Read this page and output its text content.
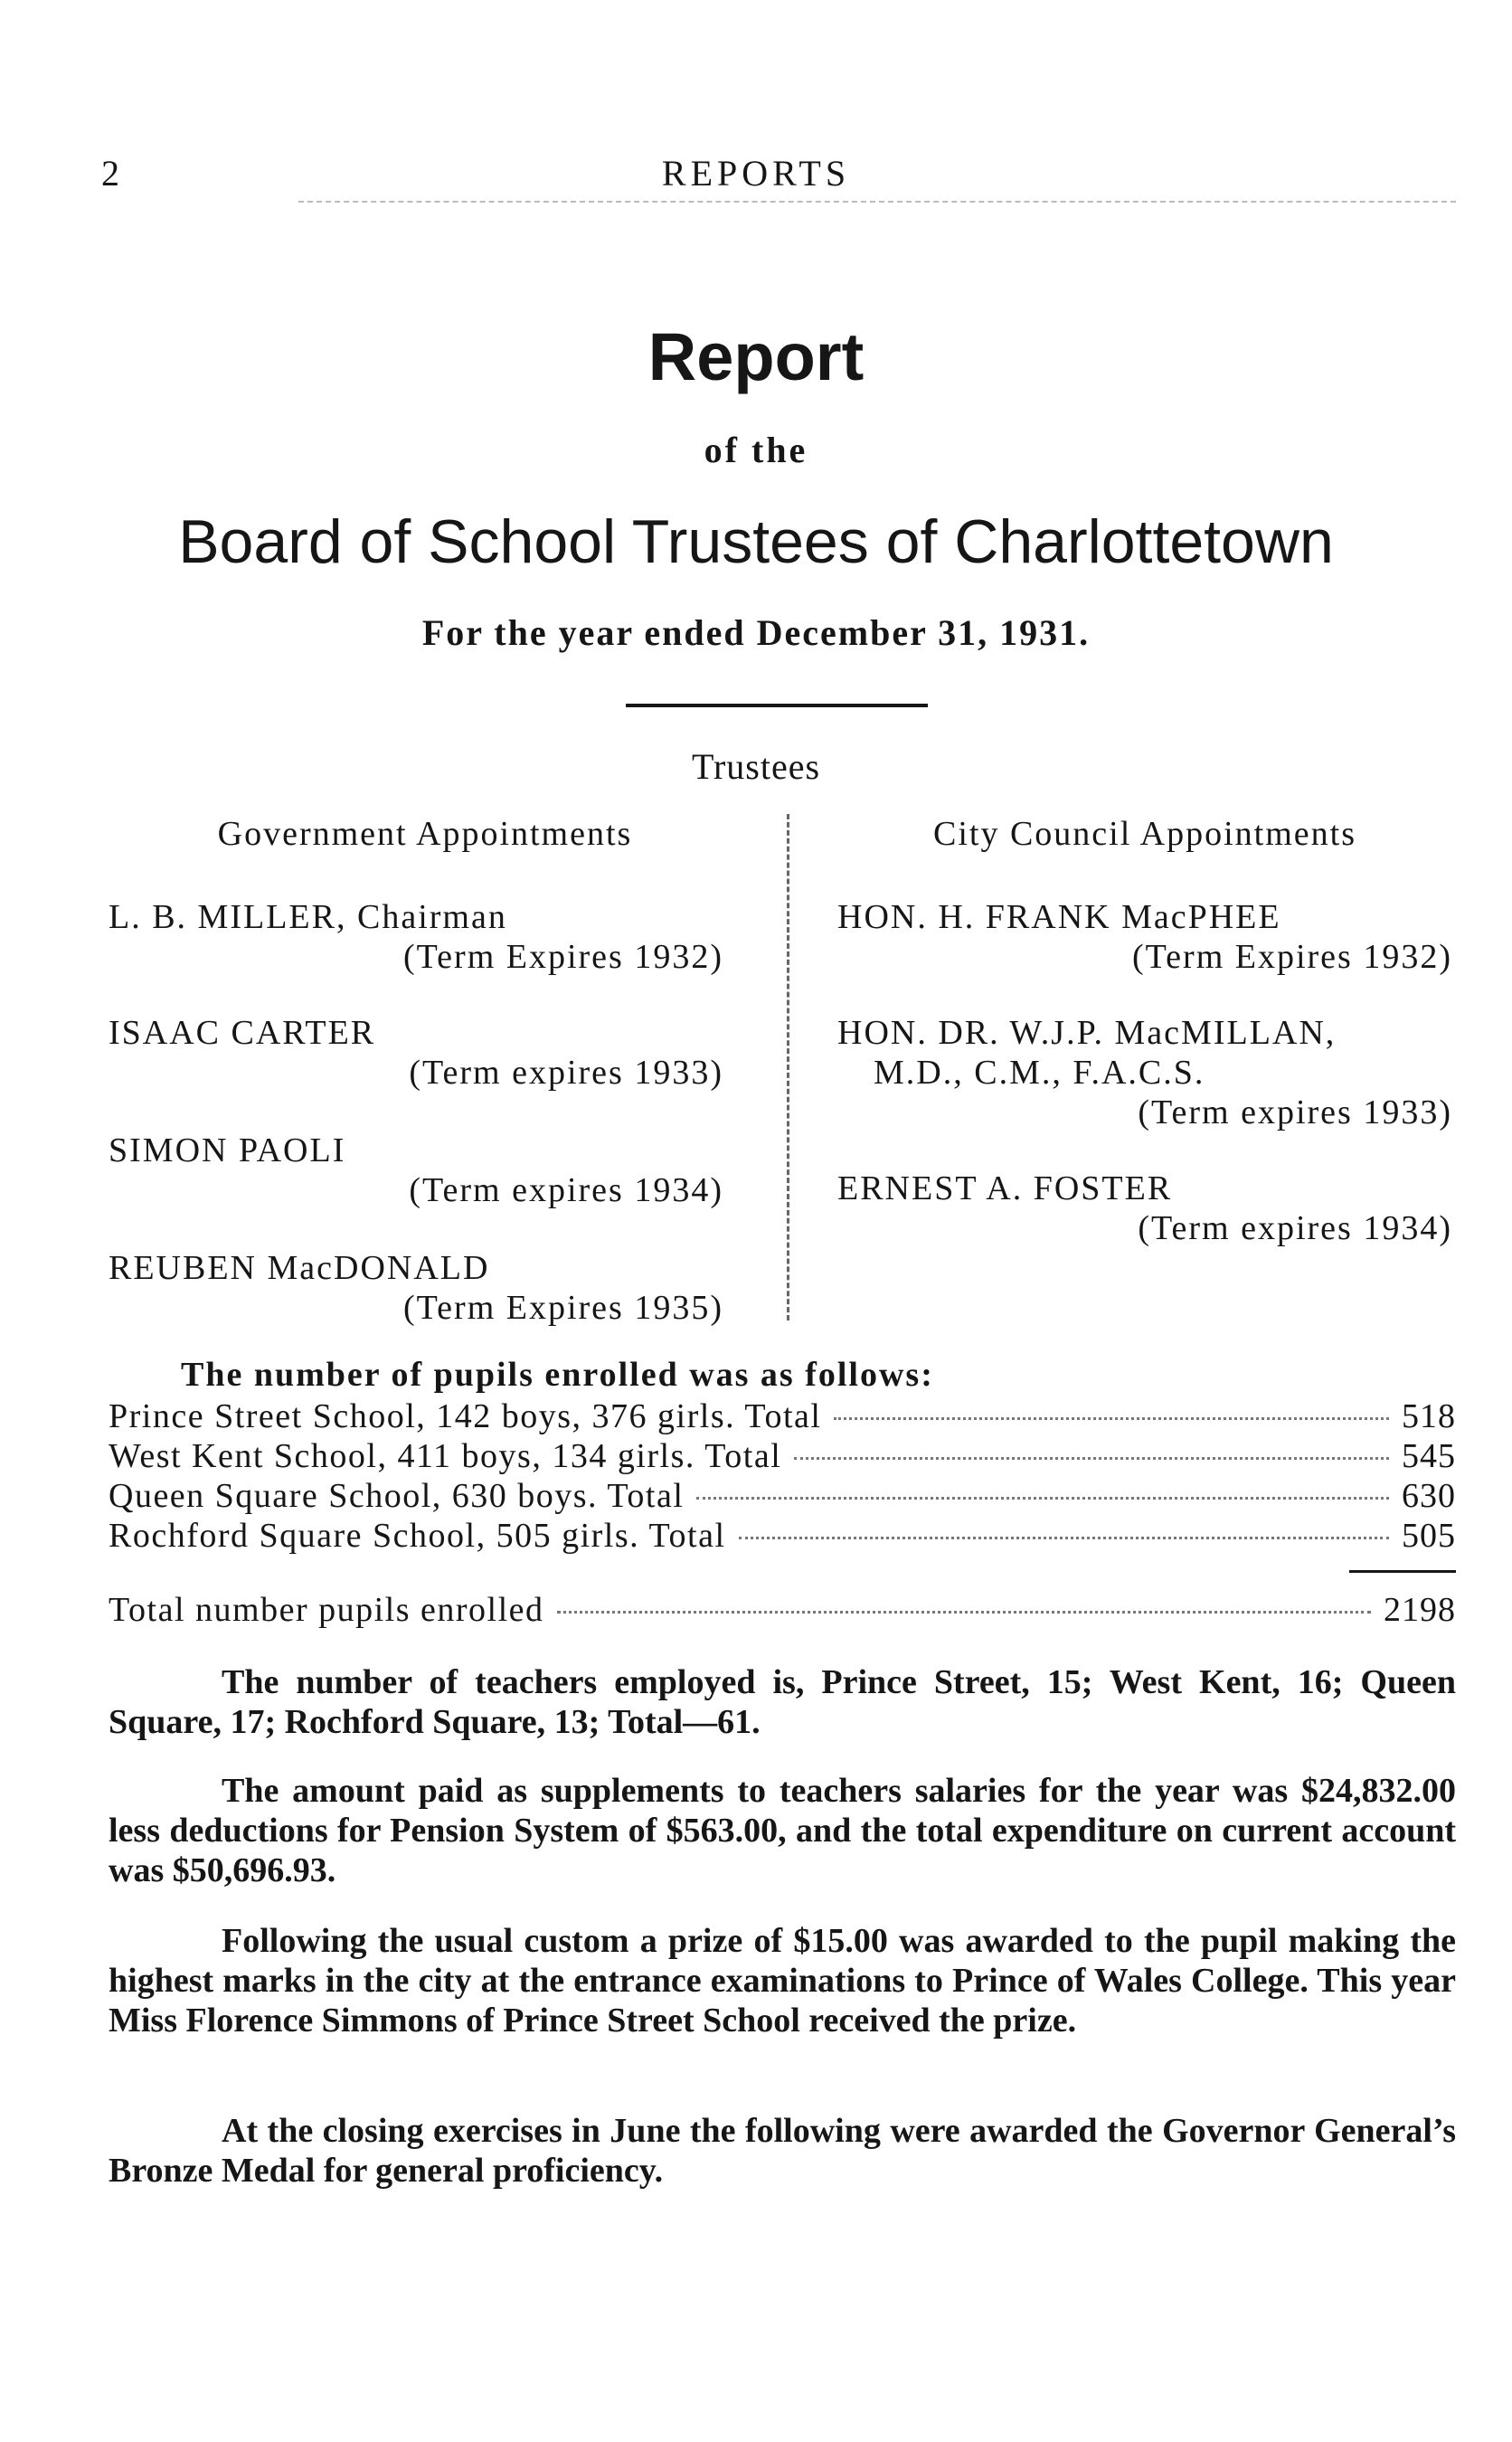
2	REPORTS
Report
of the
Board of School Trustees of Charlottetown
For the year ended December 31, 1931.
Trustees
Government Appointments
L. B. MILLER, Chairman
(Term Expires 1932)
ISAAC CARTER
(Term expires 1933)
SIMON PAOLI
(Term expires 1934)
REUBEN MacDONALD
(Term Expires 1935)
City Council Appointments
HON. H. FRANK MacPHEE
(Term Expires 1932)
HON. DR. W.J.P. MacMILLAN,
M.D., C.M., F.A.C.S.
(Term expires 1933)
ERNEST A. FOSTER
(Term expires 1934)
The number of pupils enrolled was as follows:
Prince Street School, 142 boys, 376 girls. Total	518
West Kent School, 411 boys, 134 girls. Total	545
Queen Square School, 630 boys. Total	630
Rochford Square School, 505 girls. Total	505
Total number pupils enrolled	2198

The number of teachers employed is, Prince Street, 15; West Kent, 16; Queen Square, 17; Rochford Square, 13; Total—61.

The amount paid as supplements to teachers salaries for the year was $24,832.00 less deductions for Pension System of $563.00, and the total expenditure on current account was $50,696.93.

Following the usual custom a prize of $15.00 was awarded to the pupil making the highest marks in the city at the entrance examinations to Prince of Wales College. This year Miss Florence Simmons of Prince Street School received the prize.

At the closing exercises in June the following were awarded the Governor General’s Bronze Medal for general proficiency.
